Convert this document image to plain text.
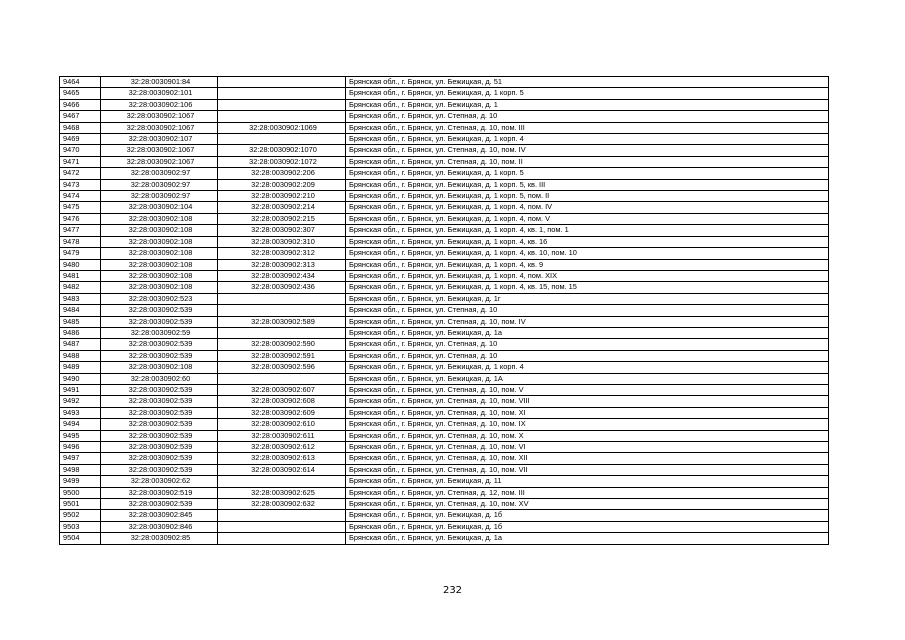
9464	32:28:0030901:84		Брянская обл., г. Брянск, ул. Бежицкая, д. 51
9465	32:28:0030902:101		Брянская обл., г. Брянск, ул. Бежицкая, д. 1 корп. 5
9466	32:28:0030902:106		Брянская обл., г. Брянск, ул. Бежицкая, д. 1
9467	32:28:0030902:1067		Брянская обл., г. Брянск, ул. Степная, д. 10
9468	32:28:0030902:1067	32:28:0030902:1069	Брянская обл., г. Брянск, ул. Степная, д. 10, пом. III
9469	32:28:0030902:107		Брянская обл., г. Брянск, ул. Бежицкая, д. 1 корп. 4
9470	32:28:0030902:1067	32:28:0030902:1070	Брянская обл., г. Брянск, ул. Степная, д. 10, пом. IV
9471	32:28:0030902:1067	32:28:0030902:1072	Брянская обл., г. Брянск, ул. Степная, д. 10, пом. II
9472	32:28:0030902:97	32:28:0030902:206	Брянская обл., г. Брянск, ул. Бежицкая, д. 1 корп. 5
9473	32:28:0030902:97	32:28:0030902:209	Брянская обл., г. Брянск, ул. Бежицкая, д. 1 корп. 5, кв. III
9474	32:28:0030902:97	32:28:0030902:210	Брянская обл., г. Брянск, ул. Бежицкая, д. 1 корп. 5, пом. II
9475	32:28:0030902:104	32:28:0030902:214	Брянская обл., г. Брянск, ул. Бежицкая, д. 1 корп. 4, пом. IV
9476	32:28:0030902:108	32:28:0030902:215	Брянская обл., г. Брянск, ул. Бежицкая, д. 1 корп. 4, пом. V
9477	32:28:0030902:108	32:28:0030902:307	Брянская обл., г. Брянск, ул. Бежицкая, д. 1 корп. 4, кв. 1, пом. 1
9478	32:28:0030902:108	32:28:0030902:310	Брянская обл., г. Брянск, ул. Бежицкая, д. 1 корп. 4, кв. 16
9479	32:28:0030902:108	32:28:0030902:312	Брянская обл., г. Брянск, ул. Бежицкая, д. 1 корп. 4, кв. 10, пом. 10
9480	32:28:0030902:108	32:28:0030902:313	Брянская обл., г. Брянск, ул. Бежицкая, д. 1 корп. 4, кв. 9
9481	32:28:0030902:108	32:28:0030902:434	Брянская обл., г. Брянск, ул. Бежицкая, д. 1 корп. 4, пом. XIX
9482	32:28:0030902:108	32:28:0030902:436	Брянская обл., г. Брянск, ул. Бежицкая, д. 1 корп. 4, кв. 15, пом. 15
9483	32:28:0030902:523		Брянская обл., г. Брянск, ул. Бежицкая, д. 1г
9484	32:28:0030902:539		Брянская обл., г. Брянск, ул. Степная, д. 10
9485	32:28:0030902:539	32:28:0030902:589	Брянская обл., г. Брянск, ул. Степная, д. 10, пом. IV
9486	32:28:0030902:59		Брянская обл., г. Брянск, ул. Бежицкая, д. 1а
9487	32:28:0030902:539	32:28:0030902:590	Брянская обл., г. Брянск, ул. Степная, д. 10
9488	32:28:0030902:539	32:28:0030902:591	Брянская обл., г. Брянск, ул. Степная, д. 10
9489	32:28:0030902:108	32:28:0030902:596	Брянская обл., г. Брянск, ул. Бежицкая, д. 1 корп. 4
9490	32:28:0030902:60		Брянская обл., г. Брянск, ул. Бежицкая, д. 1А
9491	32:28:0030902:539	32:28:0030902:607	Брянская обл., г. Брянск, ул. Степная, д. 10, пом. V
9492	32:28:0030902:539	32:28:0030902:608	Брянская обл., г. Брянск, ул. Степная, д. 10, пом. VIII
9493	32:28:0030902:539	32:28:0030902:609	Брянская обл., г. Брянск, ул. Степная, д. 10, пом. XI
9494	32:28:0030902:539	32:28:0030902:610	Брянская обл., г. Брянск, ул. Степная, д. 10, пом. IX
9495	32:28:0030902:539	32:28:0030902:611	Брянская обл., г. Брянск, ул. Степная, д. 10, пом. X
9496	32:28:0030902:539	32:28:0030902:612	Брянская обл., г. Брянск, ул. Степная, д. 10, пом. VI
9497	32:28:0030902:539	32:28:0030902:613	Брянская обл., г. Брянск, ул. Степная, д. 10, пом. XII
9498	32:28:0030902:539	32:28:0030902:614	Брянская обл., г. Брянск, ул. Степная, д. 10, пом. VII
9499	32:28:0030902:62		Брянская обл., г. Брянск, ул. Бежицкая, д. 11
9500	32:28:0030902:519	32:28:0030902:625	Брянская обл., г. Брянск, ул. Степная, д. 12, пом. III
9501	32:28:0030902:539	32:28:0030902:632	Брянская обл., г. Брянск, ул. Степная, д. 10, пом. XV
9502	32:28:0030902:845		Брянская обл., г. Брянск, ул. Бежицкая, д. 1б
9503	32:28:0030902:846		Брянская обл., г. Брянск, ул. Бежицкая, д. 1б
9504	32:28:0030902:85		Брянская обл., г. Брянск, ул. Бежицкая, д. 1а
232
